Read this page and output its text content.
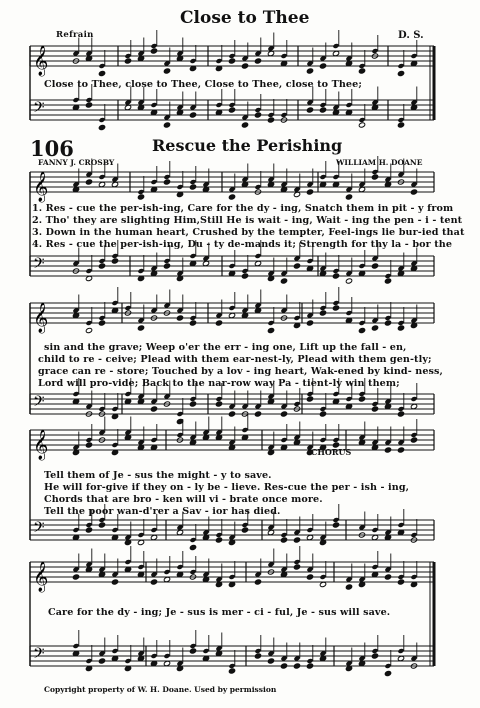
𝄞
𝄢
𝄞
𝄢
𝄞
𝄢
𝄞
𝄢
𝄞
𝄢
Close to Thee
Refrain	D. S.
Close to Thee, close to Thee, Close to Thee, close to Thee;
106	Rescue the Perishing
FANNY J. CROSBY	WILLIAM H. DOANE
1. Res - cue the per-ish-ing, Care for the dy - ing, Snatch them in pit - y from
2. Tho' they are slighting Him,Still He is wait - ing, Wait - ing the pen - i - tent
3. Down in the human heart, Crushed by the tempter, Feel-ings lie bur-ied that
4. Res - cue the per-ish-ing, Du - ty de-mands it; Strength for thy la - bor the
sin and the grave; Weep o'er the err - ing one, Lift up the fall - en,
child to re - ceive; Plead with them ear-nest-ly, Plead with them gen-tly;
grace can re - store; Touched by a lov - ing heart, Wak-ened by kind- ness,
Lord will pro-vide; Back to the nar-row way Pa - tient-ly win them;
CHORUS
Tell them of Je - sus the might - y to save.
He will for-give if they on - ly be - lieve. Res-cue the per - ish - ing,
Chords that are bro - ken will vi - brate once more.
Tell the poor wan-d'rer a Sav - ior has died.
Care for the dy - ing; Je - sus is mer - ci - ful, Je - sus will save.
Copyright property of W. H. Doane. Used by permission
